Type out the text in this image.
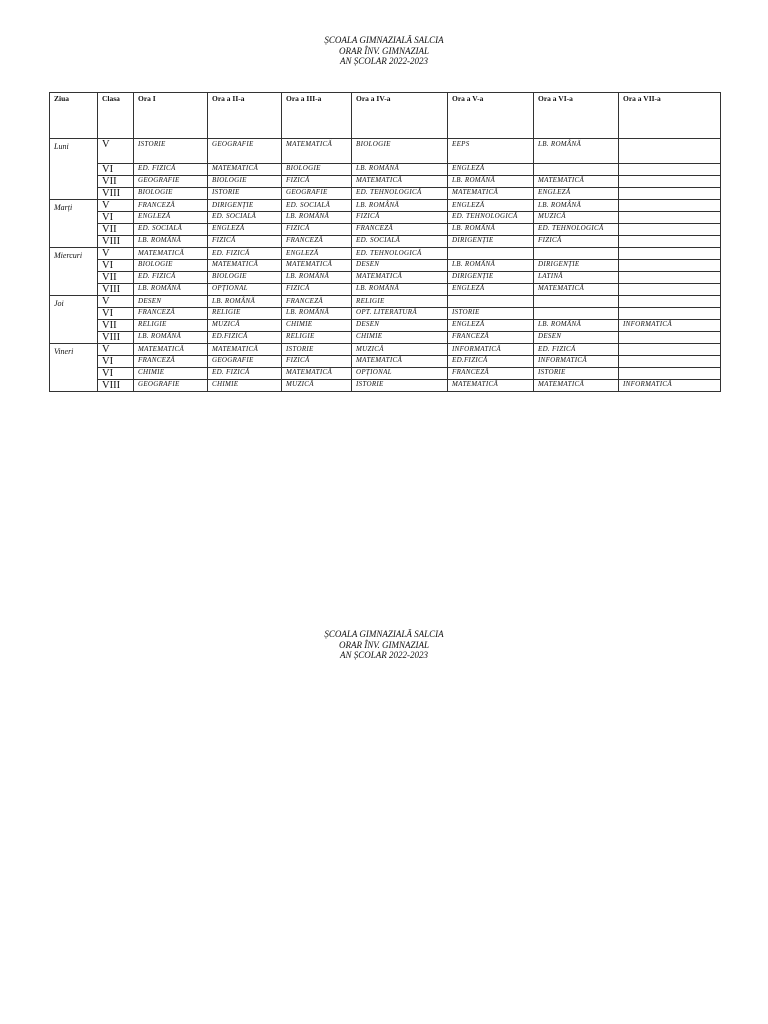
ȘCOALA GIMNAZIALĂ SALCIA
ORAR ÎNV. GIMNAZIAL
AN ȘCOLAR 2022-2023
Ziua	Clasa	Ora I	Ora a II-a	Ora a III-a	Ora a IV-a	Ora a V-a	Ora a VI-a	Ora a VII-a
Luni	V	ISTORIE	GEOGRAFIE	MATEMATICĂ	BIOLOGIE	EEPS	LB. ROMÂNĂ	
	VI	ED. FIZICĂ	MATEMATICĂ	BIOLOGIE	LB. ROMÂNĂ	ENGLEZĂ		
	VII	GEOGRAFIE	BIOLOGIE	FIZICĂ	MATEMATICĂ	LB. ROMÂNĂ	MATEMATICĂ	
	VIII	BIOLOGIE	ISTORIE	GEOGRAFIE	ED. TEHNOLOGICĂ	MATEMATICĂ	ENGLEZĂ	
Marți	V	FRANCEZĂ	DIRIGENȚIE	ED. SOCIALĂ	LB. ROMÂNĂ	ENGLEZĂ	LB. ROMÂNĂ	
	VI	ENGLEZĂ	ED. SOCIALĂ	LB. ROMÂNĂ	FIZICĂ	ED. TEHNOLOGICĂ	MUZICĂ	
	VII	ED. SOCIALĂ	ENGLEZĂ	FIZICĂ	FRANCEZĂ	LB. ROMÂNĂ	ED. TEHNOLOGICĂ	
	VIII	LB. ROMÂNĂ	FIZICĂ	FRANCEZĂ	ED. SOCIALĂ	DIRIGENȚIE	FIZICĂ	
Miercuri	V	MATEMATICĂ	ED. FIZICĂ	ENGLEZĂ	ED. TEHNOLOGICĂ			
	VI	BIOLOGIE	MATEMATICĂ	MATEMATICĂ	DESEN	LB. ROMÂNĂ	DIRIGENȚIE	
	VII	ED. FIZICĂ	BIOLOGIE	LB. ROMÂNĂ	MATEMATICĂ	DIRIGENȚIE	LATINĂ	
	VIII	LB. ROMÂNĂ	OPȚIONAL	FIZICĂ	LB. ROMÂNĂ	ENGLEZĂ	MATEMATICĂ	
Joi	V	DESEN	LB. ROMÂNĂ	FRANCEZĂ	RELIGIE			
	VI	FRANCEZĂ	RELIGIE	LB. ROMÂNĂ	OPT. LITERATURĂ	ISTORIE		
	VII	RELIGIE	MUZICĂ	CHIMIE	DESEN	ENGLEZĂ	LB. ROMÂNĂ	INFORMATICĂ
	VIII	LB. ROMÂNĂ	ED.FIZICĂ	RELIGIE	CHIMIE	FRANCEZĂ	DESEN	
Vineri	V	MATEMATICĂ	MATEMATICĂ	ISTORIE	MUZICĂ	INFORMATICĂ	ED. FIZICĂ	
	VI	FRANCEZĂ	GEOGRAFIE	FIZICĂ	MATEMATICĂ	ED.FIZICĂ	INFORMATICĂ	
	VI	CHIMIE	ED. FIZICĂ	MATEMATICĂ	OPȚIONAL	FRANCEZĂ	ISTORIE	
	VIII	GEOGRAFIE	CHIMIE	MUZICĂ	ISTORIE	MATEMATICĂ	MATEMATICĂ	INFORMATICĂ
ȘCOALA GIMNAZIALĂ SALCIA
ORAR ÎNV. GIMNAZIAL
AN ȘCOLAR 2022-2023
